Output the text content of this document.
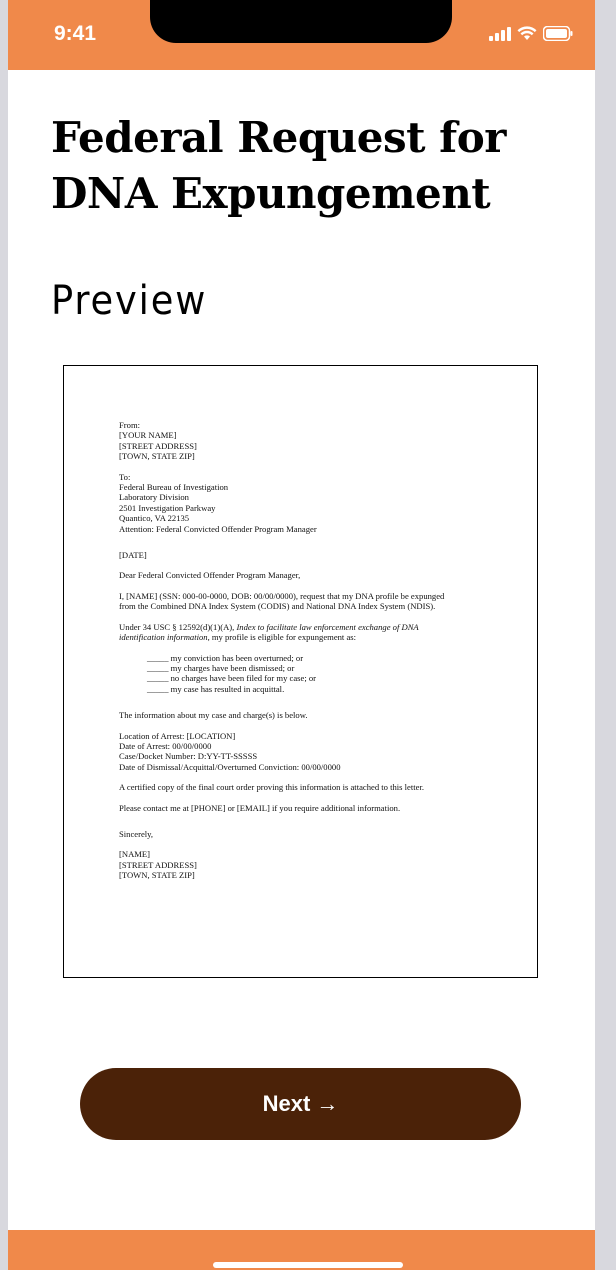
9:41
Federal Request for
DNA Expungement
Preview

From:

[YOUR NAME]

[STREET ADDRESS]

[TOWN, STATE ZIP]

To:

Federal Bureau of Investigation

Laboratory Division

2501 Investigation Parkway

Quantico, VA 22135

Attention: Federal Convicted Offender Program Manager

[DATE]

Dear Federal Convicted Offender Program Manager,

I, [NAME] (SSN: 000-00-0000, DOB: 00/00/0000), request that my DNA profile be expunged

from the Combined DNA Index System (CODIS) and National DNA Index System (NDIS).

Under 34 USC § 12592(d)(1)(A), Index to facilitate law enforcement exchange of DNA

identification information, my profile is eligible for expungement as:

_____ my conviction has been overturned; or
_____ my charges have been dismissed; or
_____ no charges have been filed for my case; or
_____ my case has resulted in acquittal.

The information about my case and charge(s) is below.

Location of Arrest: [LOCATION]

Date of Arrest: 00/00/0000

Case/Docket Number: D:YY-TT-SSSSS

Date of Dismissal/Acquittal/Overturned Conviction: 00/00/0000

A certified copy of the final court order proving this information is attached to this letter.

Please contact me at [PHONE] or [EMAIL] if you require additional information.

Sincerely,

[NAME]

[STREET ADDRESS]

[TOWN, STATE ZIP]

Next →
